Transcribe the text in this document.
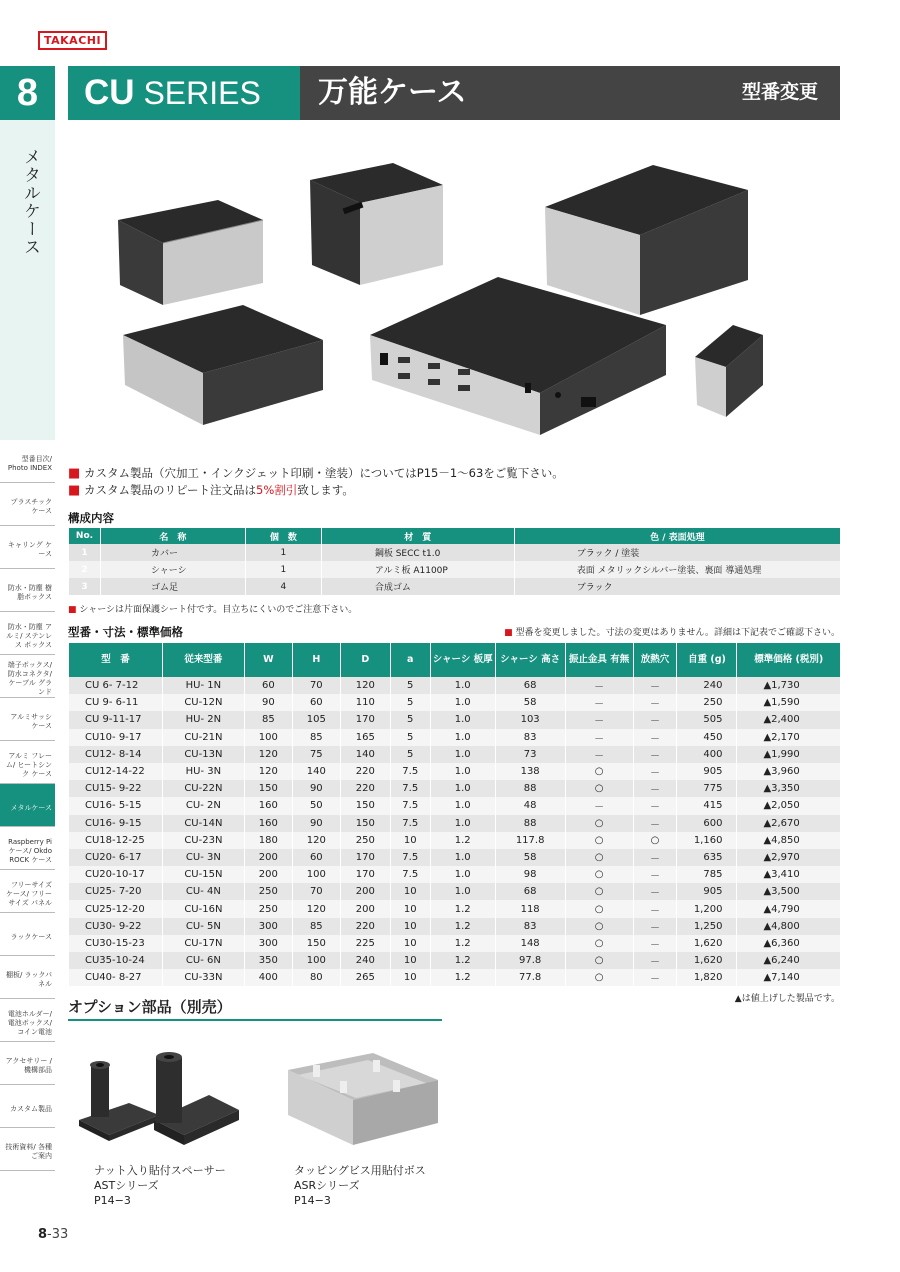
TAKACHI
8
メタルケース
CU SERIES 万能ケース	型番変更
型番目次/ Photo INDEX
プラスチック ケース
キャリング ケース
防水・防塵 樹脂ボックス
防水・防塵 アルミ/ ステンレス ボックス
端子ボックス/ 防水コネクタ/ ケーブル グランド
アルミサッシ ケース
アルミ フレーム/ ヒートシンク ケース
メタルケース
Raspberry Piケース/ Okdo ROCK ケース
フリーサイズ ケース/ フリーサイズ パネル
ラックケース
棚板/ ラックパネル
電池ホルダー/ 電池ボックス/ コイン電池
アクセサリー /機構部品
カスタム製品
技術資料/ 各種ご案内
■ カスタム製品（穴加工・インクジェット印刷・塗装）についてはP15－1～63をご覧下さい。
■ カスタム製品のリピート注文品は5%割引致します。
構成内容
No.	名　称	個　数	材　質	色 / 表面処理
1	カバー	1	鋼板 SECC t1.0	ブラック / 塗装
2	シャーシ	1	アルミ板 A1100P	表面 メタリックシルバー塗装、裏面 導通処理
3	ゴム足	4	合成ゴム	ブラック
■ シャーシは片面保護シート付です。目立ちにくいのでご注意下さい。
型番・寸法・標準価格	■ 型番を変更しました。寸法の変更はありません。詳細は下記表でご確認下さい。
型　番	従来型番	W	H	D	a	シャーシ 板厚	シャーシ 高さ	振止金具 有無	放熱穴	自重 (g)	標準価格 (税別)
CU 6- 7-12	HU- 1N	60	70	120	5	1.0	68	－	－	240	▲1,730
CU 9- 6-11	CU-12N	90	60	110	5	1.0	58	－	－	250	▲1,590
CU 9-11-17	HU- 2N	85	105	170	5	1.0	103	－	－	505	▲2,400
CU10- 9-17	CU-21N	100	85	165	5	1.0	83	－	－	450	▲2,170
CU12- 8-14	CU-13N	120	75	140	5	1.0	73	－	－	400	▲1,990
CU12-14-22	HU- 3N	120	140	220	7.5	1.0	138	○	－	905	▲3,960
CU15- 9-22	CU-22N	150	90	220	7.5	1.0	88	○	－	775	▲3,350
CU16- 5-15	CU- 2N	160	50	150	7.5	1.0	48	－	－	415	▲2,050
CU16- 9-15	CU-14N	160	90	150	7.5	1.0	88	○	－	600	▲2,670
CU18-12-25	CU-23N	180	120	250	10	1.2	117.8	○	○	1,160	▲4,850
CU20- 6-17	CU- 3N	200	60	170	7.5	1.0	58	○	－	635	▲2,970
CU20-10-17	CU-15N	200	100	170	7.5	1.0	98	○	－	785	▲3,410
CU25- 7-20	CU- 4N	250	70	200	10	1.0	68	○	－	905	▲3,500
CU25-12-20	CU-16N	250	120	200	10	1.2	118	○	－	1,200	▲4,790
CU30- 9-22	CU- 5N	300	85	220	10	1.2	83	○	－	1,250	▲4,800
CU30-15-23	CU-17N	300	150	225	10	1.2	148	○	－	1,620	▲6,360
CU35-10-24	CU- 6N	350	100	240	10	1.2	97.8	○	－	1,620	▲6,240
CU40- 8-27	CU-33N	400	80	265	10	1.2	77.8	○	－	1,820	▲7,140
▲は値上げした製品です。
オプション部品（別売）
ナット入り貼付スペーサー
ASTシリーズ
P14−3
タッピングビス用貼付ボス
ASRシリーズ
P14−3
8-33
